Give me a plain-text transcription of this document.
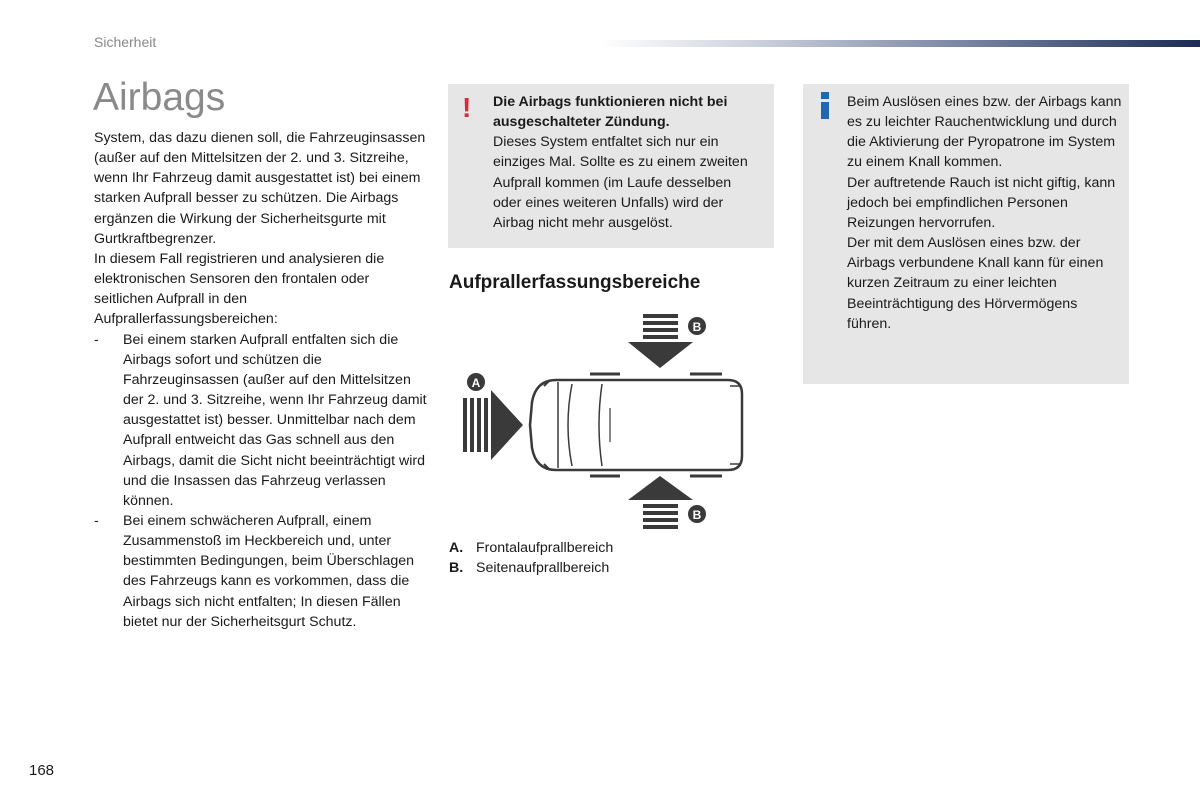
Sicherheit
Airbags

System, das dazu dienen soll, die Fahrzeuginsassen (außer auf den Mittelsitzen der 2. und 3. Sitzreihe, wenn Ihr Fahrzeug damit ausgestattet ist) bei einem starken Aufprall besser zu schützen. Die Airbags ergänzen die Wirkung der Sicherheitsgurte mit Gurtkraftbegrenzer.

In diesem Fall registrieren und analysieren die elektronischen Sensoren den frontalen oder seitlichen Aufprall in den Aufprallerfassungsbereichen:

- Bei einem starken Aufprall entfalten sich die Airbags sofort und schützen die Fahrzeuginsassen (außer auf den Mittelsitzen der 2. und 3. Sitzreihe, wenn Ihr Fahrzeug damit ausgestattet ist) besser. Unmittelbar nach dem Aufprall entweicht das Gas schnell aus den Airbags, damit die Sicht nicht beeinträchtigt wird und die Insassen das Fahrzeug verlassen können.

- Bei einem schwächeren Aufprall, einem Zusammenstoß im Heckbereich und, unter bestimmten Bedingungen, beim Überschlagen des Fahrzeugs kann es vorkommen, dass die Airbags sich nicht entfalten; In diesen Fällen bietet nur der Sicherheitsgurt Schutz.

! Die Airbags funktionieren nicht bei ausgeschalteter Zündung.
Dieses System entfaltet sich nur ein einziges Mal. Sollte es zu einem zweiten Aufprall kommen (im Laufe desselben oder eines weiteren Unfalls) wird der Airbag nicht mehr ausgelöst.
Aufprallerfassungsbereiche
B
A
B
A. Frontalaufprallbereich
B. Seitenaufprallbereich
Beim Auslösen eines bzw. der Airbags kann es zu leichter Rauchentwicklung und durch die Aktivierung der Pyropatrone im System zu einem Knall kommen.
Der auftretende Rauch ist nicht giftig, kann jedoch bei empfindlichen Personen Reizungen hervorrufen.
Der mit dem Auslösen eines bzw. der Airbags verbundene Knall kann für einen kurzen Zeitraum zu einer leichten Beeinträchtigung des Hörvermögens führen.
168
